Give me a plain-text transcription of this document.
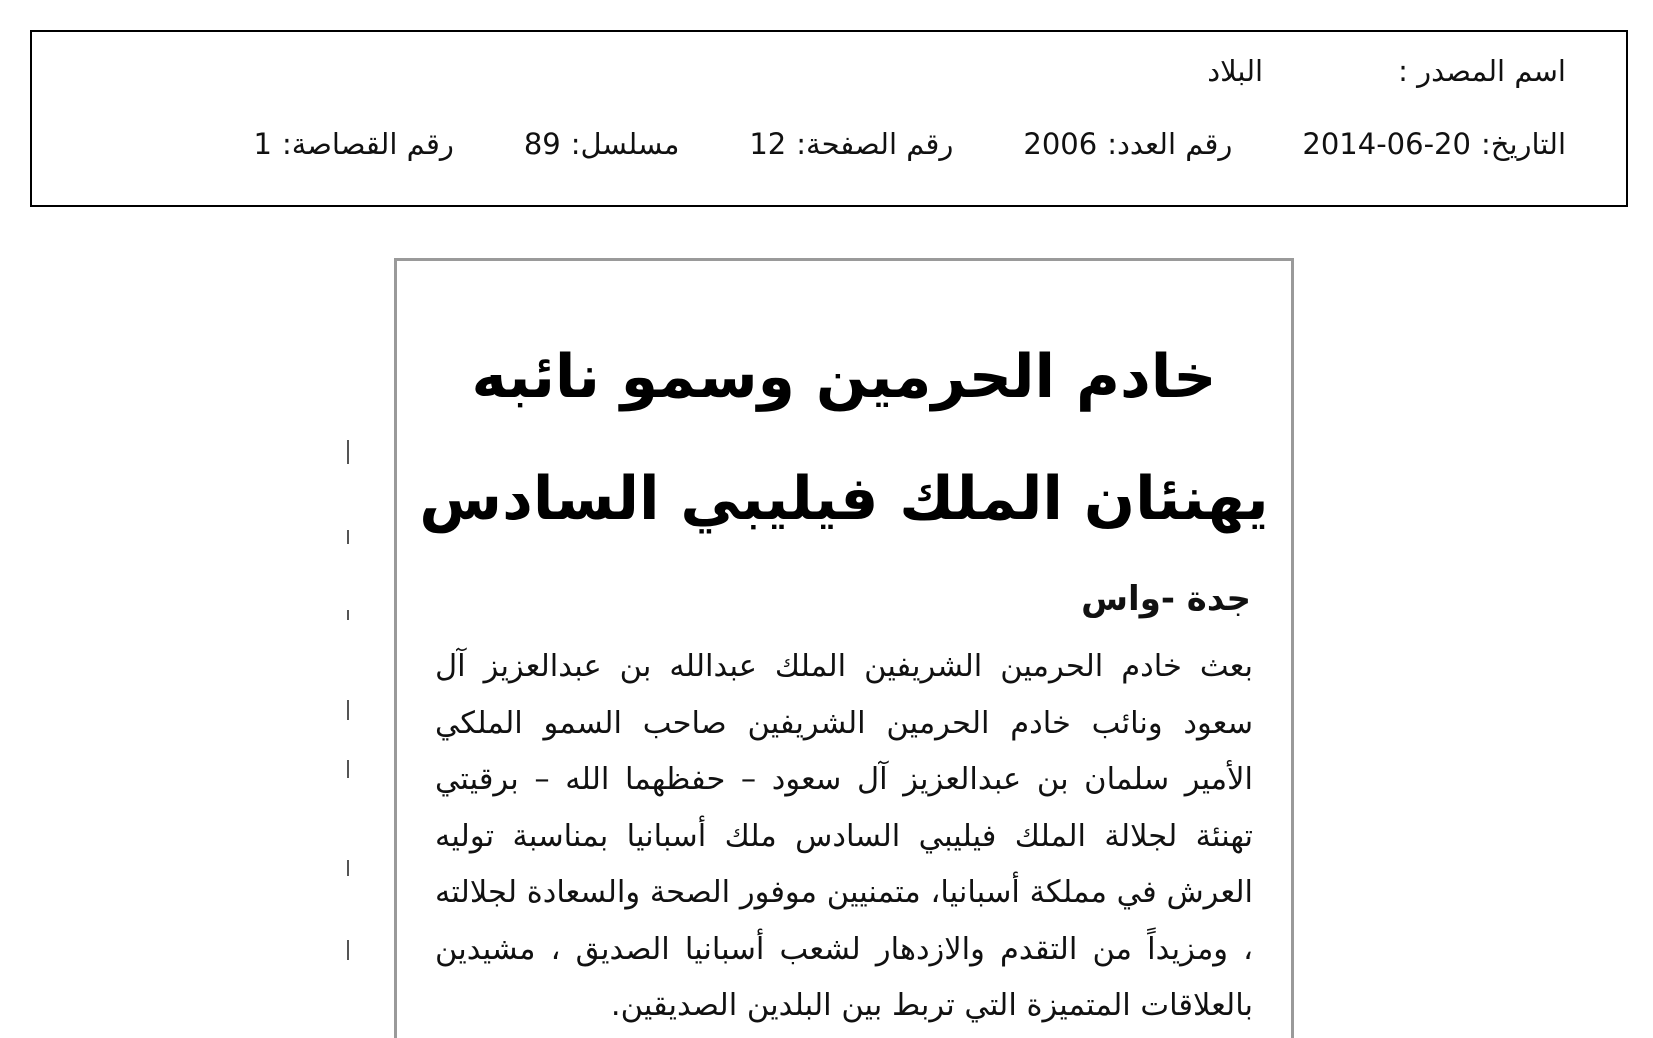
اسم المصدر :
البلاد
التاريخ:
2014-06-20
رقم العدد:
2006
رقم الصفحة:
12
مسلسل:
89
رقم القصاصة:
1
خادم الحرمين وسمو نائبه
يهنئان الملك فيليبي السادس
جدة -واس
بعث خادم الحرمين الشريفين الملك عبدالله بن عبدالعزيز آل سعود ونائب خادم الحرمين الشريفين صاحب السمو الملكي الأمير سلمان بن عبدالعزيز آل سعود – حفظهما الله – برقيتي تهنئة لجلالة الملك فيليبي السادس ملك أسبانيا بمناسبة توليه العرش في مملكة أسبانيا، متمنيين موفور الصحة والسعادة لجلالته ، ومزيداً من التقدم والازدهار لشعب أسبانيا الصديق ، مشيدين بالعلاقات المتميزة التي تربط بين البلدين الصديقين.
